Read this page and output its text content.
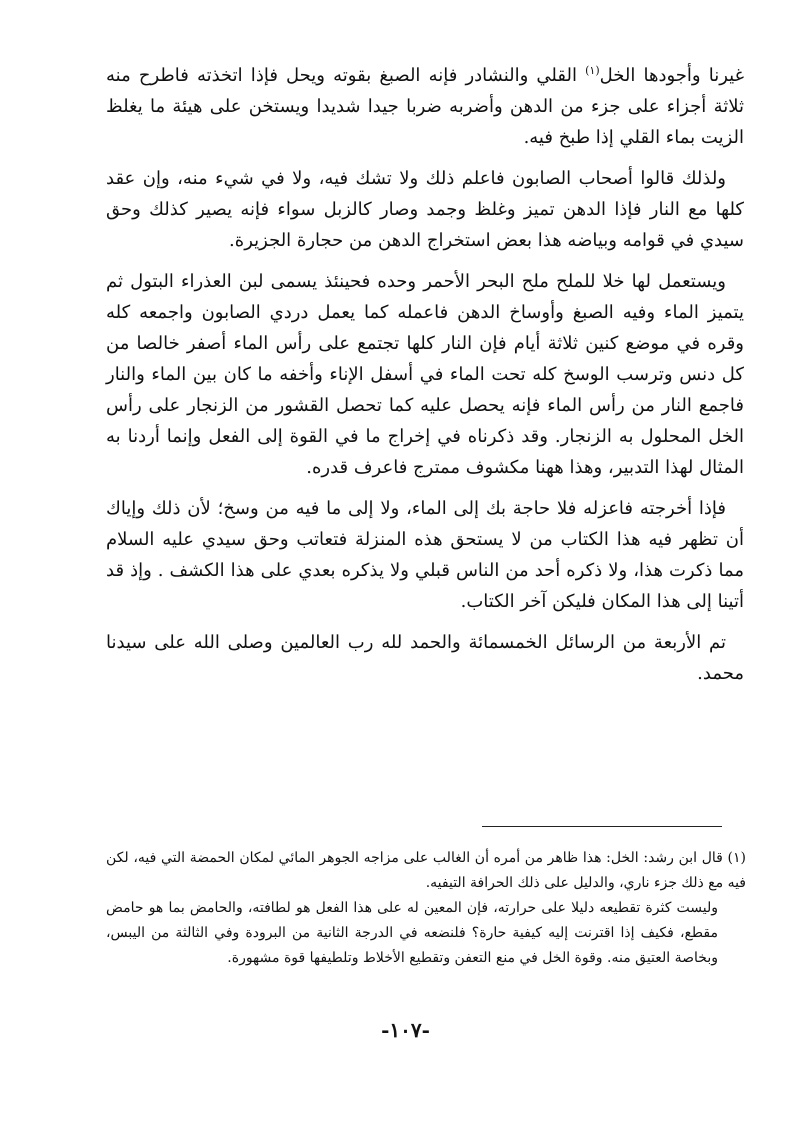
غيرنا وأجودها الخل$^{(١)}$ القلي والنشادر فإنه الصبغ بقوته ويحل فإذا اتخذته فاطرح منه ثلاثة أجزاء على جزء من الدهن وأضربه ضربا جيدا شديدا ويستخن على هيئة ما يغلظ الزيت بماء القلي إذا طبخ فيه.

ولذلك قالوا أصحاب الصابون فاعلم ذلك ولا تشك فيه، ولا في شيء منه، وإن عقد كلها مع النار فإذا الدهن تميز وغلظ وجمد وصار كالزبل سواء فإنه يصير كذلك وحق سيدي في قوامه وبياضه هذا بعض استخراج الدهن من حجارة الجزيرة.

ويستعمل لها خلا للملح ملح البحر الأحمر وحده فحينئذ يسمى لبن العذراء البتول ثم يتميز الماء وفيه الصبغ وأوساخ الدهن فاعمله كما يعمل دردي الصابون واجمعه كله وقره في موضع كنين ثلاثة أيام فإن النار كلها تجتمع على رأس الماء أصفر خالصا من كل دنس وترسب الوسخ كله تحت الماء في أسفل الإناء وأخفه ما كان بين الماء والنار فاجمع النار من رأس الماء فإنه يحصل عليه كما تحصل القشور من الزنجار على رأس الخل المحلول به الزنجار. وقد ذكرناه في إخراج ما في القوة إلى الفعل وإنما أردنا به المثال لهذا التدبير، وهذا ههنا مكشوف ممترج فاعرف قدره.

فإذا أخرجته فاعزله فلا حاجة بك إلى الماء، ولا إلى ما فيه من وسخ؛ لأن ذلك وإياك أن تظهر فيه هذا الكتاب من لا يستحق هذه المنزلة فتعاتب وحق سيدي عليه السلام مما ذكرت هذا، ولا ذكره أحد من الناس قبلي ولا يذكره بعدي على هذا الكشف . وإذ قد أتينا إلى هذا المكان فليكن آخر الكتاب.

تم الأربعة من الرسائل الخمسمائة والحمد لله رب العالمين وصلى الله على سيدنا محمد.

(١) قال ابن رشد: الخل: هذا ظاهر من أمره أن الغالب على مزاجه الجوهر المائي لمكان الحمضة التي فيه، لكن فيه مع ذلك جزء ناري، والدليل على ذلك الحرافة التيفيه.

وليست كثرة تقطيعه دليلا على حرارته، فإن المعين له على هذا الفعل هو لطافته، والحامض بما هو حامض مقطع، فكيف إذا اقترنت إليه كيفية حارة؟ فلنضعه في الدرجة الثانية من البرودة وفي الثالثة من اليبس، وبخاصة العتيق منه. وقوة الخل في منع التعفن وتقطيع الأخلاط وتلطيفها قوة مشهورة.

-١٠٧-
